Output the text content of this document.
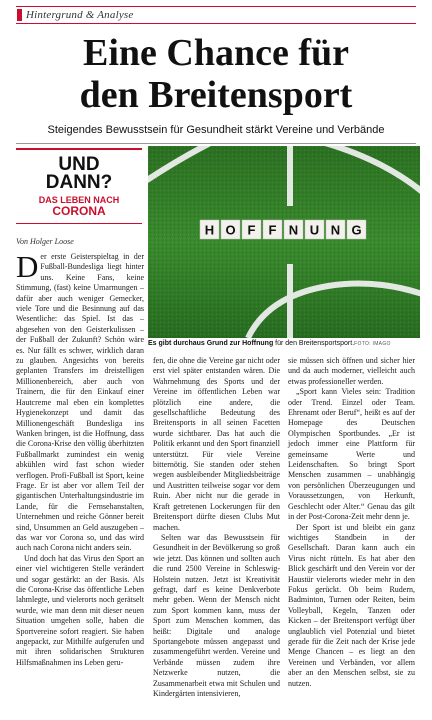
Hintergrund & Analyse
Eine Chance für
den Breitensport
Steigendes Bewusstsein für Gesundheit stärkt Vereine und Verbände
UND
DANN?
DAS LEBEN NACH
CORONA
Von Holger Loose
H O F F N U N G
Es gibt durchaus Grund zur Hoffnung für den Breitensportsport.FOTO: IMAGO

Der erste Geisterspieltag in der Fußball-Bundesliga liegt hinter uns. Keine Fans, keine Stimmung, (fast) keine Umarmungen – dafür aber auch weniger Gemecker, viele Tore und die Besinnung auf das Wesentliche: das Spiel. Ist das – abgesehen von den Geisterkulissen – der Fußball der Zukunft? Schön wäre es. Nur fällt es schwer, wirklich daran zu glauben. Angesichts von bereits geplanten Transfers im dreistelligen Millionenbereich, aber auch von Trainern, die für den Einkauf einer Hautcreme mal eben ein komplettes Hygienekonzept und damit das Millionengeschäft Bundesliga ins Wanken bringen, ist die Hoffnung, dass die Corona-Krise den völlig überhitzten Fußballmarkt zumindest ein wenig abkühlen wird fast schon wieder verflogen. Profi-Fußball ist Sport, keine Frage. Er ist aber vor allem Teil der gigantischen Unterhaltungsindustrie im Lande, für die Fernsehanstalten, Unternehmen und reiche Gönner bereit sind, Unsummen an Geld auszugeben – das war vor Corona so, und das wird auch nach Corona nicht anders sein.

Und doch hat das Virus den Sport an einer viel wichtigeren Stelle verändert und sogar gestärkt: an der Basis. Als die Corona-Krise das öffentliche Leben lahmlegte, und vielerorts noch gerätselt wurde, wie man denn mit dieser neuen Situation umgehen solle, haben die Sportvereine sofort reagiert. Sie haben angepackt, zur Mithilfe aufgerufen und mit ihren solidarischen Strukturen Hilfsmaßnahmen ins Leben geru-

fen, die ohne die Vereine gar nicht oder erst viel später entstanden wären. Die Wahrnehmung des Sports und der Vereine im öffentlichen Leben war plötzlich eine andere, die gesellschaftliche Bedeutung des Breitensports in all seinen Facetten wurde sichtbarer. Das hat auch die Politik erkannt und den Sport finanziell unterstützt. Für viele Vereine bitternötig. Sie standen oder stehen wegen ausbleibender Mitgliedsbeiträge und Austritten teilweise sogar vor dem Ruin. Aber nicht nur die gerade in Kraft getretenen Lockerungen für den Breitensport dürfte diesen Clubs Mut machen.

Selten war das Bewusstsein für Gesundheit in der Bevölkerung so groß wie jetzt. Das können und sollten auch die rund 2500 Vereine in Schleswig-Holstein nutzen. Jetzt ist Kreativität gefragt, darf es keine Denkverbote mehr geben. Wenn der Mensch nicht zum Sport kommen kann, muss der Sport zum Menschen kommen, das heißt: Digitale und analoge Sportangebote müssen angepasst und zusammengeführt werden. Vereine und Verbände müssen zudem ihre Netzwerke nutzen, die Zusammenarbeit etwa mit Schulen und Kindergärten intensivieren,

sie müssen sich öffnen und sicher hier und da auch moderner, vielleicht auch etwas professioneller werden.

„Sport kann Vieles sein: Tradition oder Trend. Einzel oder Team. Ehrenamt oder Beruf“, heißt es auf der Homepage des Deutschen Olympischen Sportbundes. „Er ist jedoch immer eine Plattform für gemeinsame Werte und Leidenschaften. So bringt Sport Menschen zusammen – unabhängig von persönlichen Überzeugungen und Voraussetzungen, von Herkunft, Geschlecht oder Alter.“ Genau das gilt in der Post-Corona-Zeit mehr denn je.

Der Sport ist und bleibt ein ganz wichtiges Standbein in der Gesellschaft. Daran kann auch ein Virus nicht rütteln. Es hat aber den Blick geschärft und den Verein vor der Haustür vielerorts wieder mehr in den Fokus gerückt. Ob beim Rudern, Badminton, Turnen oder Reiten, beim Volleyball, Kegeln, Tanzen oder Kicken – der Breitensport verfügt über unglaublich viel Potenzial und bietet gerade für die Zeit nach der Krise jede Menge Chancen – es liegt an den Vereinen und Verbänden, vor allem aber an den Menschen selbst, sie zu nutzen.
